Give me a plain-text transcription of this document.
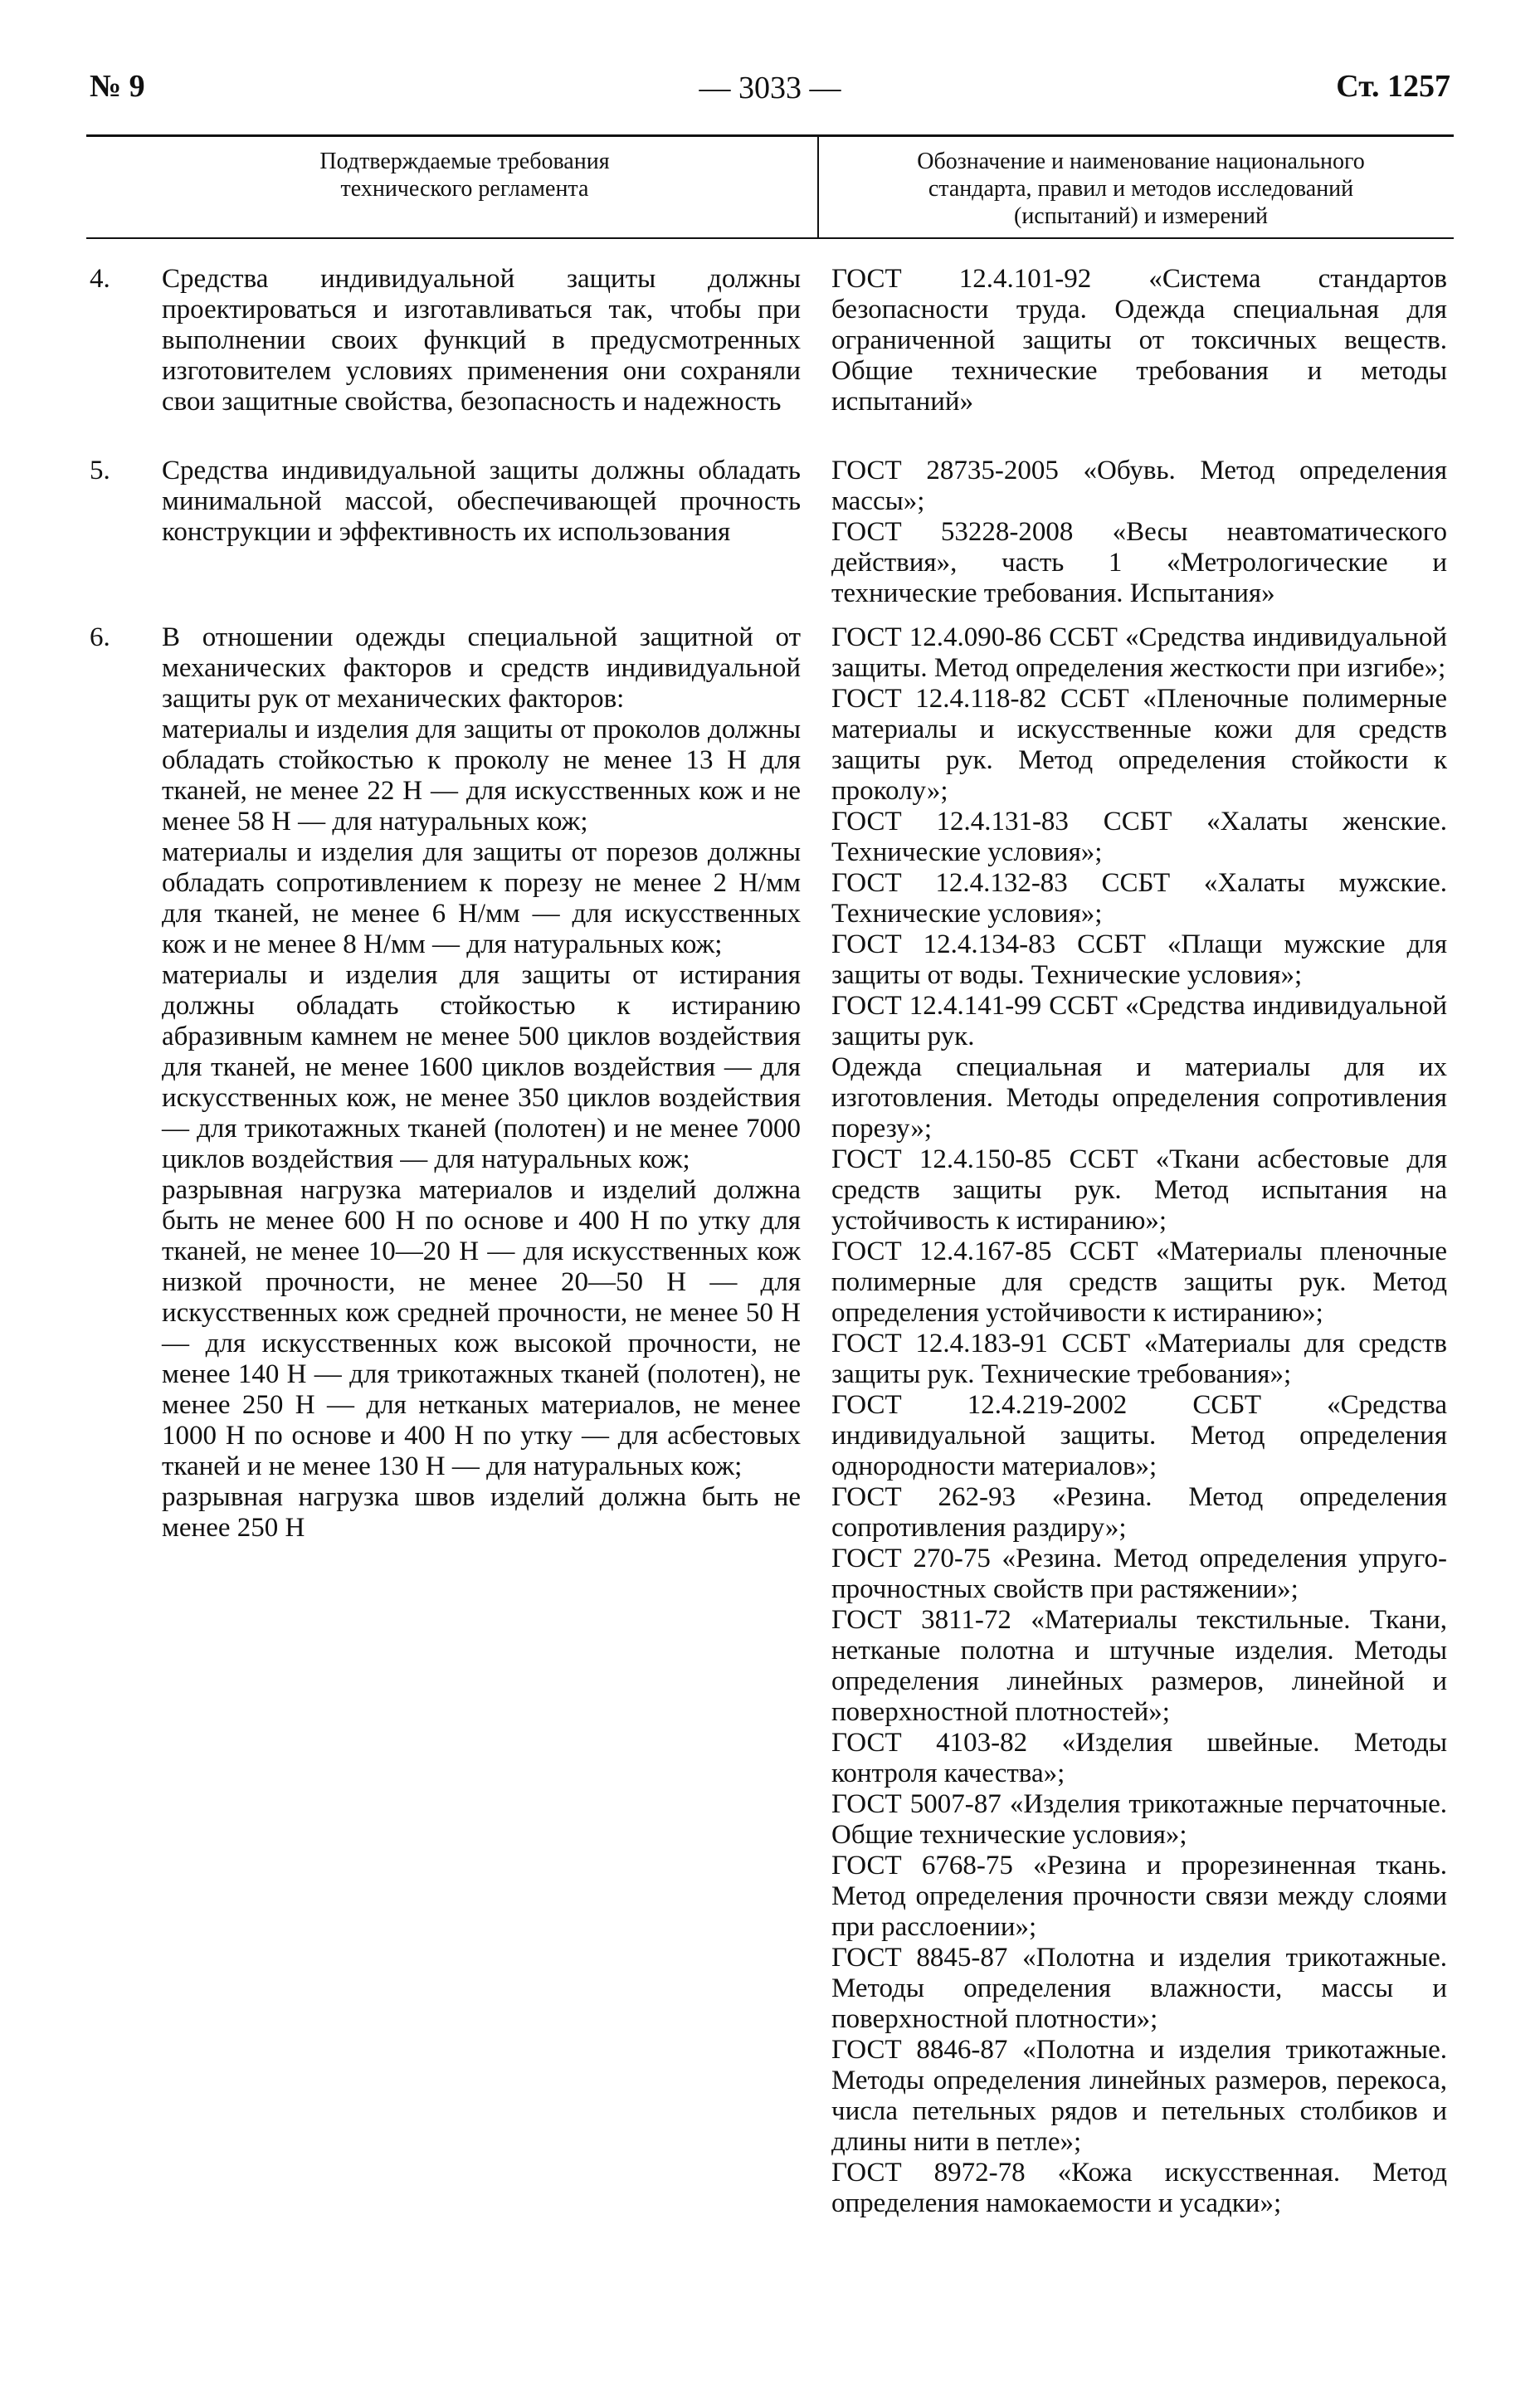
— 3033 —
№ 9	Ст. 1257
Подтверждаемые требования
технического регламента
Обозначение и наименование национального
стандарта, правил и методов исследований
(испытаний) и измерений
4. Средства индивидуальной защиты должны проектироваться и изготавливаться так, чтобы при выполнении своих функций в предусмотренных изготовителем условиях применения они сохраняли свои защитные свойства, безопасность и надежность

ГОСТ 12.4.101-92 «Система стандартов безопасности труда. Одежда специальная для ограниченной защиты от токсичных веществ. Общие технические требования и методы испытаний»

5. Средства индивидуальной защиты должны обладать минимальной массой, обеспечивающей прочность конструкции и эффективность их использования

ГОСТ 28735-2005 «Обувь. Метод определения массы»;

ГОСТ 53228-2008 «Весы неавтоматического действия», часть 1 «Метрологические и технические требования. Испытания»

6. В отношении одежды специальной защитной от механических факторов и средств индивидуальной защиты рук от механических факторов:

материалы и изделия для защиты от проколов должны обладать стойкостью к проколу не менее 13 Н для тканей, не менее 22 Н — для искусственных кож и не менее 58 Н — для натуральных кож;

материалы и изделия для защиты от порезов должны обладать сопротивлением к порезу не менее 2 Н/мм для тканей, не менее 6 Н/мм — для искусственных кож и не менее 8 Н/мм — для натуральных кож;

материалы и изделия для защиты от истирания должны обладать стойкостью к истиранию абразивным камнем не менее 500 циклов воздействия для тканей, не менее 1600 циклов воздействия — для искусственных кож, не менее 350 циклов воздействия — для трикотажных тканей (полотен) и не менее 7000 циклов воздействия — для натуральных кож;

разрывная нагрузка материалов и изделий должна быть не менее 600 Н по основе и 400 Н по утку для тканей, не менее 10—20 Н — для искусственных кож низкой прочности, не менее 20—50 Н — для искусственных кож средней прочности, не менее 50 Н — для искусственных кож высокой прочности, не менее 140 Н — для трикотажных тканей (полотен), не менее 250 Н — для нетканых материалов, не менее 1000 Н по основе и 400 Н по утку — для асбестовых тканей и не менее 130 Н — для натуральных кож;

разрывная нагрузка швов изделий должна быть не менее 250 Н

ГОСТ 12.4.090-86 ССБТ «Средства индивидуальной защиты. Метод определения жесткости при изгибе»;

ГОСТ 12.4.118-82 ССБТ «Пленочные полимерные материалы и искусственные кожи для средств защиты рук. Метод определения стойкости к проколу»;

ГОСТ 12.4.131-83 ССБТ «Халаты женские. Технические условия»;

ГОСТ 12.4.132-83 ССБТ «Халаты мужские. Технические условия»;

ГОСТ 12.4.134-83 ССБТ «Плащи мужские для защиты от воды. Технические условия»;

ГОСТ 12.4.141-99 ССБТ «Средства индивидуальной защиты рук.

Одежда специальная и материалы для их изготовления. Методы определения сопротивления порезу»;

ГОСТ 12.4.150-85 ССБТ «Ткани асбестовые для средств защиты рук. Метод испытания на устойчивость к истиранию»;

ГОСТ 12.4.167-85 ССБТ «Материалы пленочные полимерные для средств защиты рук. Метод определения устойчивости к истиранию»;

ГОСТ 12.4.183-91 ССБТ «Материалы для средств защиты рук. Технические требования»;

ГОСТ 12.4.219-2002 ССБТ «Средства индивидуальной защиты. Метод определения однородности материалов»;

ГОСТ 262-93 «Резина. Метод определения сопротивления раздиру»;

ГОСТ 270-75 «Резина. Метод определения упруго-прочностных свойств при растяжении»;

ГОСТ 3811-72 «Материалы текстильные. Ткани, нетканые полотна и штучные изделия. Методы определения линейных размеров, линейной и поверхностной плотностей»;

ГОСТ 4103-82 «Изделия швейные. Методы контроля качества»;

ГОСТ 5007-87 «Изделия трикотажные перчаточные. Общие технические условия»;

ГОСТ 6768-75 «Резина и прорезиненная ткань. Метод определения прочности связи между слоями при расслоении»;

ГОСТ 8845-87 «Полотна и изделия трикотажные. Методы определения влажности, массы и поверхностной плотности»;

ГОСТ 8846-87 «Полотна и изделия трикотажные. Методы определения линейных размеров, перекоса, числа петельных рядов и петельных столбиков и длины нити в петле»;

ГОСТ 8972-78 «Кожа искусственная. Метод определения намокаемости и усадки»;
